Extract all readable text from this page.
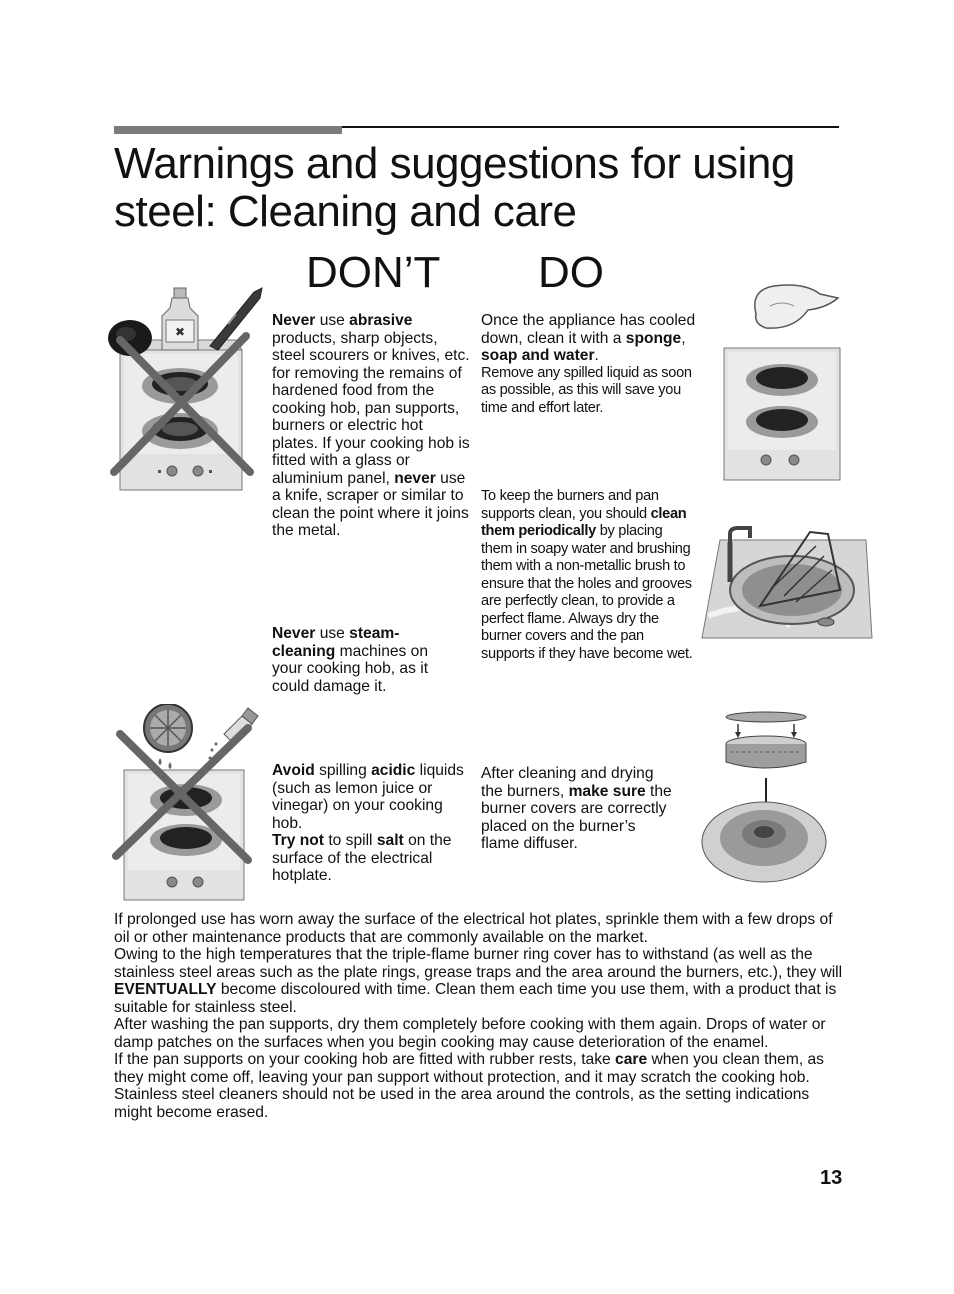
Warnings and suggestions for using
steel: Cleaning and care
DON’T DO
✖
Never use abrasive products, sharp objects, steel scourers or knives, etc. for removing the remains of hardened food from the cooking hob, pan supports, burners or electric hot plates. If your cooking hob is fitted with a glass or aluminium panel, never use a knife, scraper or similar to clean the point where it joins the metal.
Never use steam-cleaning machines on your cooking hob, as it could damage it.
Avoid spilling acidic liquids (such as lemon juice or vinegar) on your cooking hob.
Try not to spill salt on the surface of the electrical hotplate.
Once the appliance has cooled down, clean it with a sponge, soap and water.
Remove any spilled liquid as soon as possible, as this will save you time and effort later.
To keep the burners and pan supports clean, you should clean them periodically by placing them in soapy water and brushing them with a non-metallic brush to ensure that the holes and grooves are perfectly clean, to provide a perfect flame. Always dry the burner covers and the pan supports if they have become wet.
After cleaning and drying the burners, make sure the burner covers are correctly placed on the burner’s flame diffuser.

If prolonged use has worn away the surface of the electrical hot plates, sprinkle them with a few drops of oil or other maintenance products that are commonly available on the market.

Owing to the high temperatures that the triple-flame burner ring cover has to withstand (as well as the stainless steel areas such as the plate rings, grease traps and the area around the burners, etc.), they will EVENTUALLY become discoloured with time. Clean them each time you use them, with a product that is suitable for stainless steel.

After washing the pan supports, dry them completely before cooking with them again. Drops of water or damp patches on the surfaces when you begin cooking may cause deterioration of the enamel.

If the pan supports on your cooking hob are fitted with rubber rests, take care when you clean them, as they might come off, leaving your pan support without protection, and it may scratch the cooking hob. Stainless steel cleaners should not be used in the area around the controls, as the setting indications might become erased.

13
